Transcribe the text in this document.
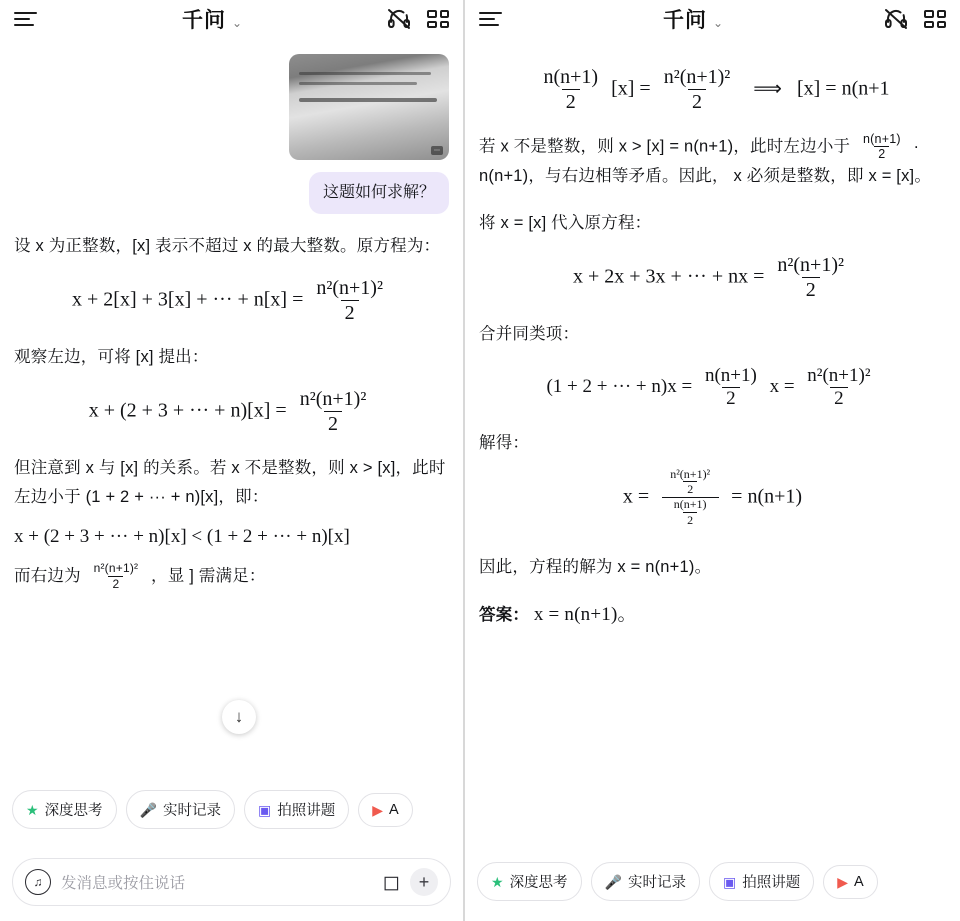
千问 ⌄
⋯
这题如何求解？
设 x 为正整数，[x] 表示不超过 x 的最大整数。原方程为：
x + 2[x] + 3[x] + ··· + $n[x] = \frac{\text{n²(n+1)²}}{2}$
观察左边，可将 [x] 提出：
x + (2 + 3 + ··· + $n)[x] = \frac{\text{n²(n+1)²}}{2}$
但注意到 x 与 [x] 的关系。若 x 不是整数，则 x > [x]，此时左边小于 (1 + 2 + ··· + n)[x]，即：
x + (2 + 3 + ··· + n)[x] < (1 + 2 + ··· + n)[x]
而右边为 $\frac{\text{n²(n+1)²}}{2}$ ，显 ] 需满足：
↓
★ 深度思考	🎤 实时记录	▣ 拍照讲题	▶ A
♫	发消息或按住说话	◻	+
千问 ⌄
$\frac{n(n+1)}{2} [x] = \frac{\text{n²(n+1)²}}{2}$ ⟹ [x] = n(n+1
若 x 不是整数，则 x > [x] = n(n+1)，此时左边小于 $\frac{n(n+1)}{2} \cdot n(n+1)$，与右边相等矛盾。因此， x 必须是整数，即 x = [x]。
将 x = [x] 代入原方程：
x + 2x + 3x + ··· + nx = $\frac{\text{n²(n+1)²}}{2}$
合并同类项：
(1 + 2 + ··· + $n)x = \frac{n(n+1)}{2}$ $x = \frac{\text{n²(n+1)²}}{2}$
解得：
$x = \frac{\frac{\text{n²(n+1)²}}{2}}{\frac{n(n+1)}{2}} = n(n+1)$
因此，方程的解为 x = n(n+1)。
答案： x = n(n+1)。
★ 深度思考	🎤 实时记录	▣ 拍照讲题	▶ A
